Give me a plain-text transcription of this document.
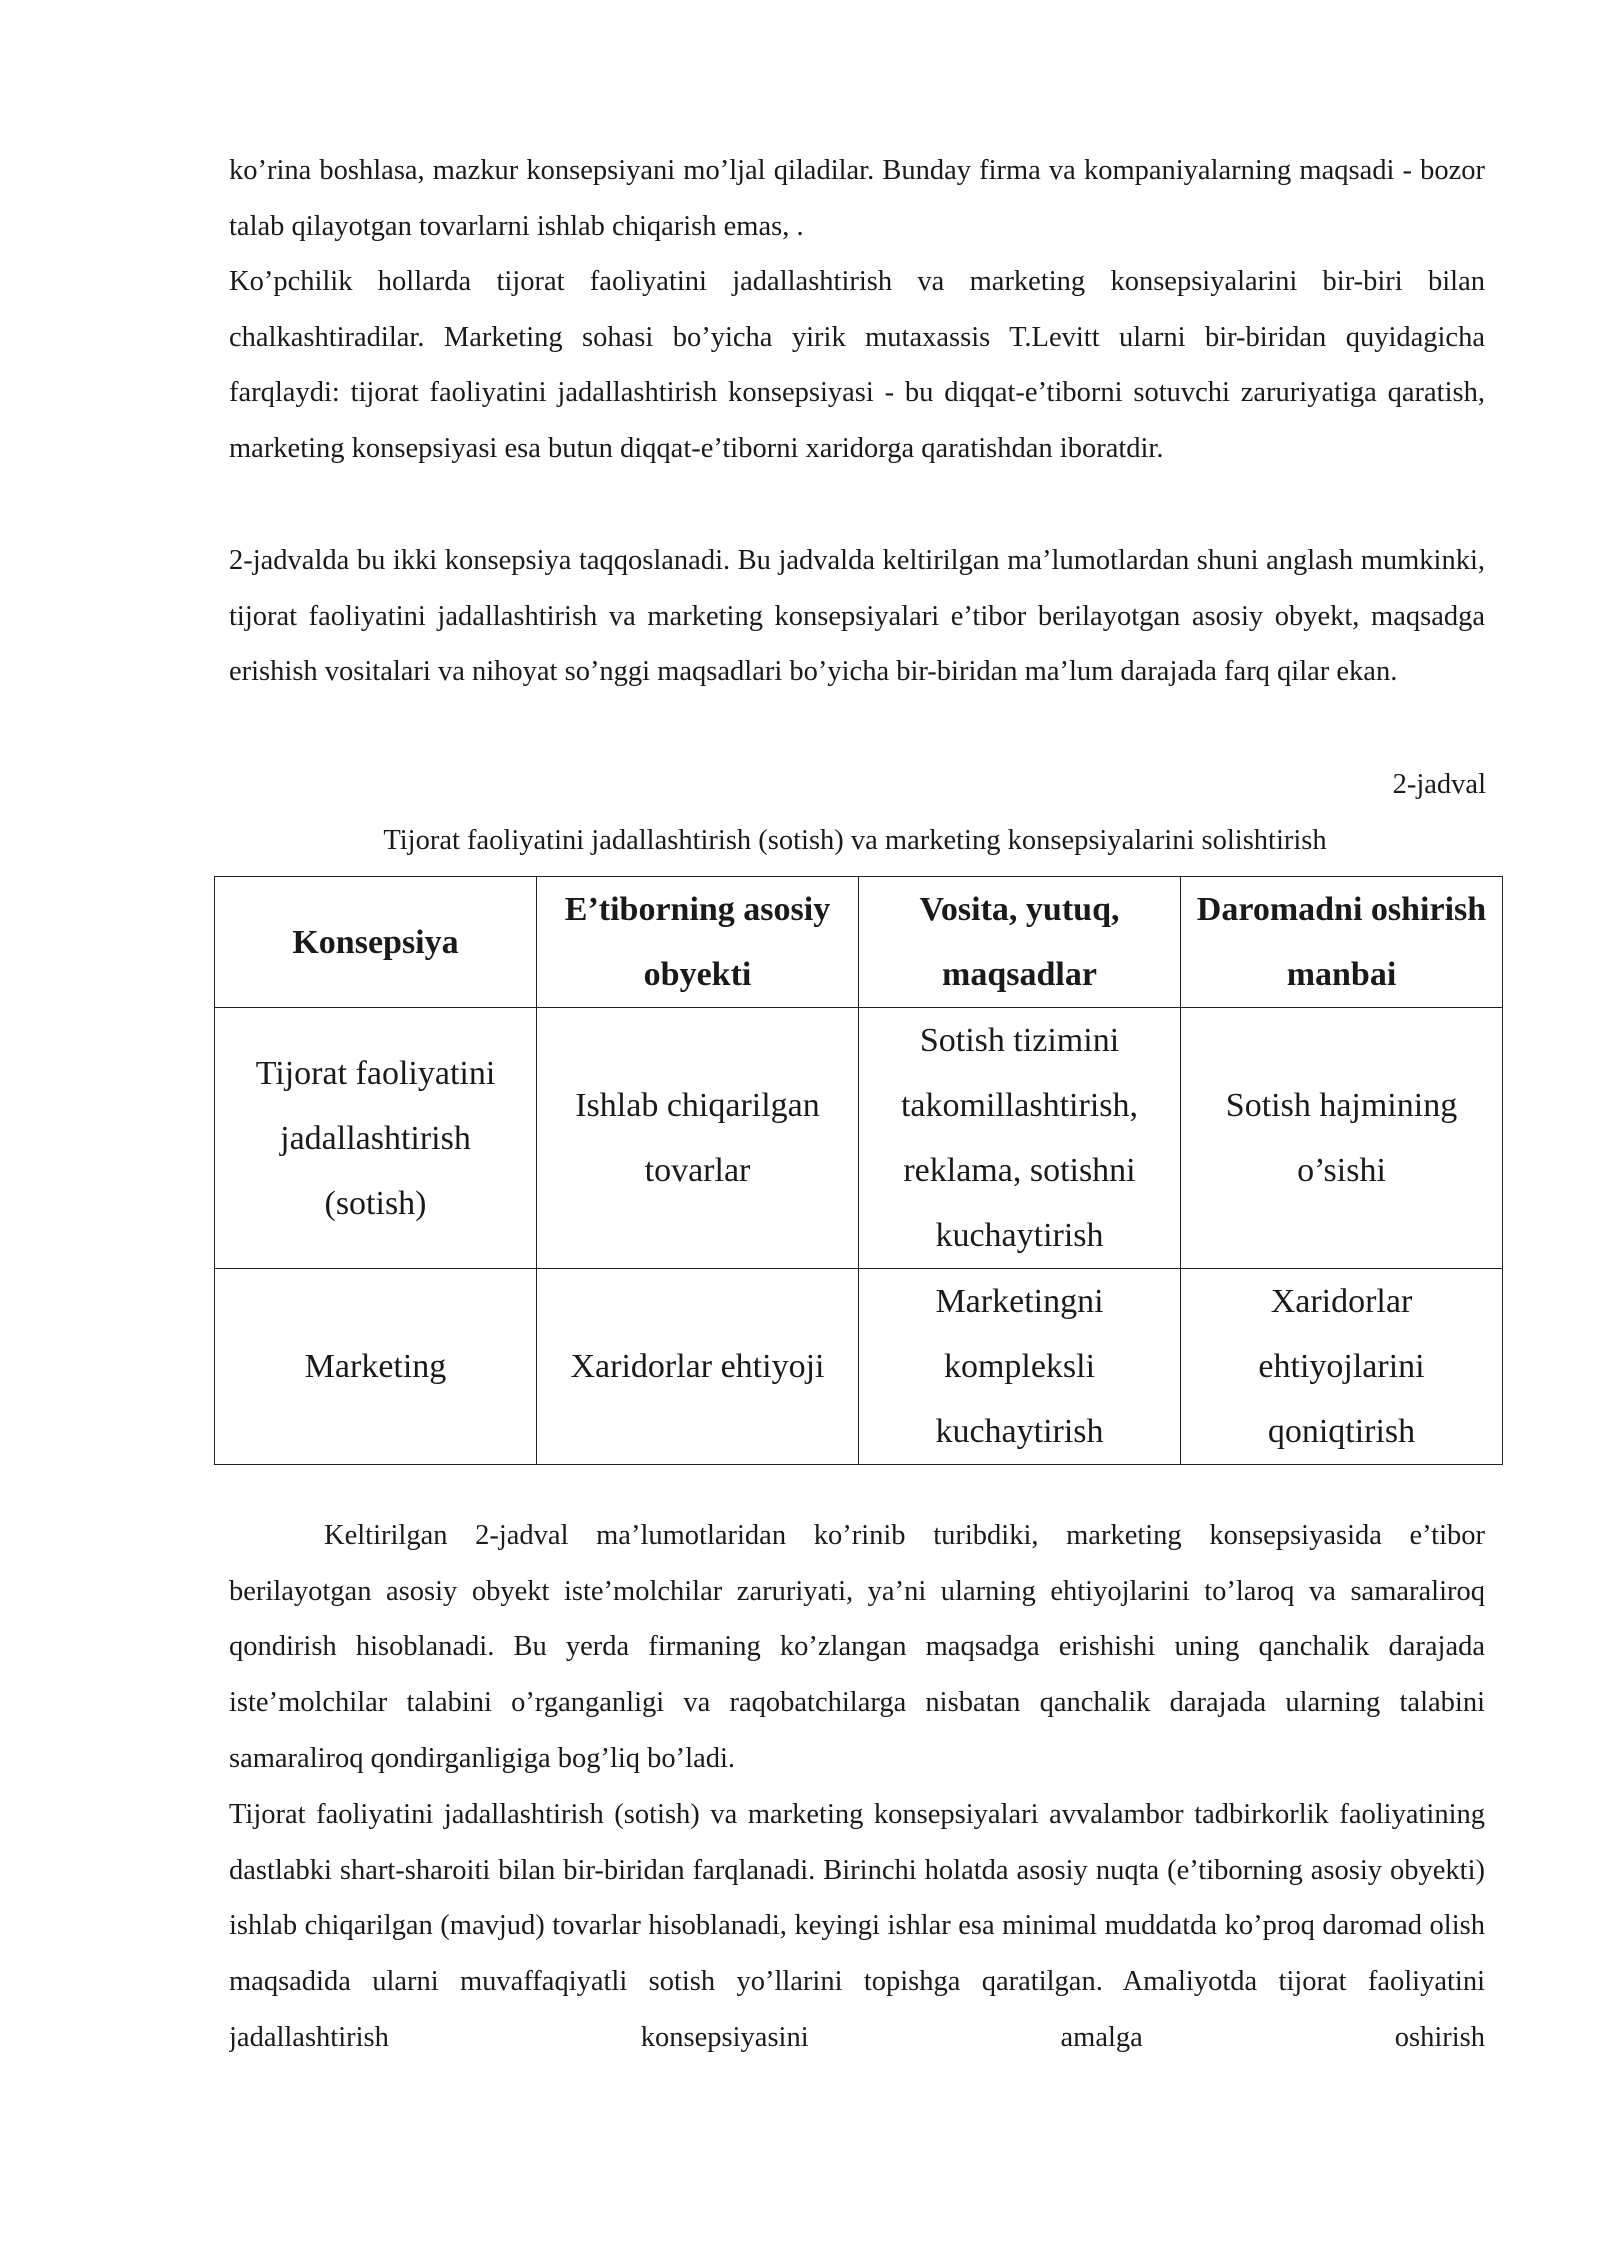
ko’rina boshlasa, mazkur konsepsiyani mo’ljal qiladilar. Bunday firma va kompaniyalarning maqsadi - bozor talab qilayotgan tovarlarni ishlab chiqarish emas, .

Ko’pchilik hollarda tijorat faoliyatini jadallashtirish va marketing konsepsiyalarini bir-biri bilan chalkashtiradilar. Marketing sohasi bo’yicha yirik mutaxassis T.Levitt ularni bir-biridan quyidagicha farqlaydi: tijorat faoliyatini jadallashtirish konsepsiyasi - bu diqqat-e’tiborni sotuvchi zaruriyatiga qaratish, marketing konsepsiyasi esa butun diqqat-e’tiborni xaridorga qaratishdan iboratdir.

2-jadvalda bu ikki konsepsiya taqqoslanadi. Bu jadvalda keltirilgan ma’lumotlardan shuni anglash mumkinki, tijorat faoliyatini jadallashtirish va marketing konsepsiyalari e’tibor berilayotgan asosiy obyekt, maqsadga erishish vositalari va nihoyat so’nggi maqsadlari bo’yicha bir-biridan ma’lum darajada farq qilar ekan.

2-jadval

Tijorat faoliyatini jadallashtirish (sotish) va marketing konsepsiyalarini solishtirish

Konsepsiya	E’tiborning asosiy obyekti	Vosita, yutuq, maqsadlar	Daromadni oshirish manbai
Tijorat faoliyatini jadallashtirish (sotish)	Ishlab chiqarilgan tovarlar	Sotish tizimini takomillashtirish, reklama, sotishni kuchaytirish	Sotish hajmining o’sishi
Marketing	Xaridorlar ehtiyoji	Marketingni kompleksli kuchaytirish	Xaridorlar ehtiyojlarini qoniqtirish

Keltirilgan 2-jadval ma’lumotlaridan ko’rinib turibdiki, marketing konsepsiyasida e’tibor berilayotgan asosiy obyekt iste’molchilar zaruriyati, ya’ni ularning ehtiyojlarini to’laroq va samaraliroq qondirish hisoblanadi. Bu yerda firmaning ko’zlangan maqsadga erishishi uning qanchalik darajada iste’molchilar talabini o’rganganligi va raqobatchilarga nisbatan qanchalik darajada ularning talabini samaraliroq qondirganligiga bog’liq bo’ladi.

Tijorat faoliyatini jadallashtirish (sotish) va marketing konsepsiyalari avvalambor tadbirkorlik faoliyatining dastlabki shart-sharoiti bilan bir-biridan farqlanadi. Birinchi holatda asosiy nuqta (e’tiborning asosiy obyekti) ishlab chiqarilgan (mavjud) tovarlar hisoblanadi, keyingi ishlar esa minimal muddatda ko’proq daromad olish maqsadida ularni muvaffaqiyatli sotish yo’llarini topishga qaratilgan. Amaliyotda tijorat faoliyatini jadallashtirish konsepsiyasini amalga oshirish
